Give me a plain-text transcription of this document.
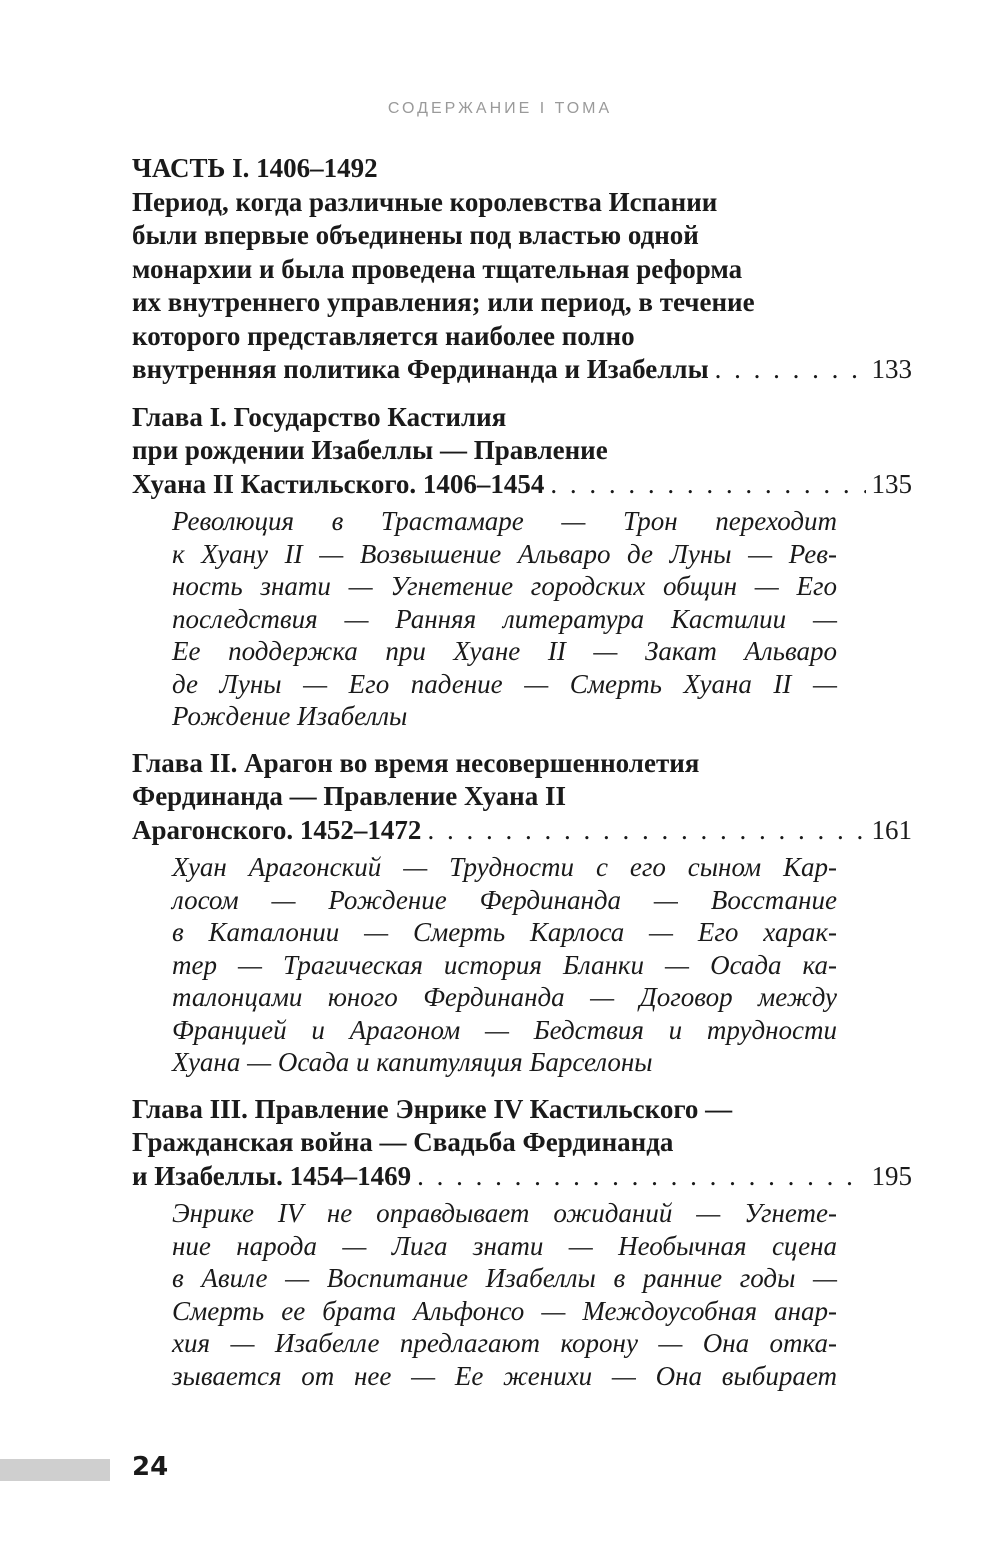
СОДЕРЖАНИЕ I ТОМА
ЧАСТЬ I. 1406–1492
Период, когда различные королевства Испании
были впервые объединены под властью одной
монархии и была проведена тщательная реформа
их внутреннего управления; или период, в течение
которого представляется наиболее полно
внутренняя политика Фердинанда и Изабеллы . . .	133
Глава I. Государство Кастилия
при рождении Изабеллы — Правление
Хуана II Кастильского. 1406–1454 . . .	135
Революция в Трастамаре — Трон переходит
к Хуану II — Возвышение Альваро де Луны — Рев-
ность знати — Угнетение городских общин — Его
последствия — Ранняя литература Кастилии —
Ее поддержка при Хуане II — Закат Альваро
де Луны — Его падение — Смерть Хуана II —
Рождение Изабеллы
Глава II. Арагон во время несовершеннолетия
Фердинанда — Правление Хуана II
Арагонского. 1452–1472 . . .	161
Хуан Арагонский — Трудности с его сыном Кар-
лосом — Рождение Фердинанда — Восстание
в Каталонии — Смерть Карлоса — Его харак-
тер — Трагическая история Бланки — Осада ка-
талонцами юного Фердинанда — Договор между
Францией и Арагоном — Бедствия и трудности
Хуана — Осада и капитуляция Барселоны
Глава III. Правление Энрике IV Кастильского —
Гражданская война — Свадьба Фердинанда
и Изабеллы. 1454–1469 . . .	195
Энрике IV не оправдывает ожиданий — Угнете-
ние народа — Лига знати — Необычная сцена
в Авиле — Воспитание Изабеллы в ранние годы —
Смерть ее брата Альфонсо — Междоусобная анар-
хия — Изабелле предлагают корону — Она отка-
зывается от нее — Ее женихи — Она выбирает
24
